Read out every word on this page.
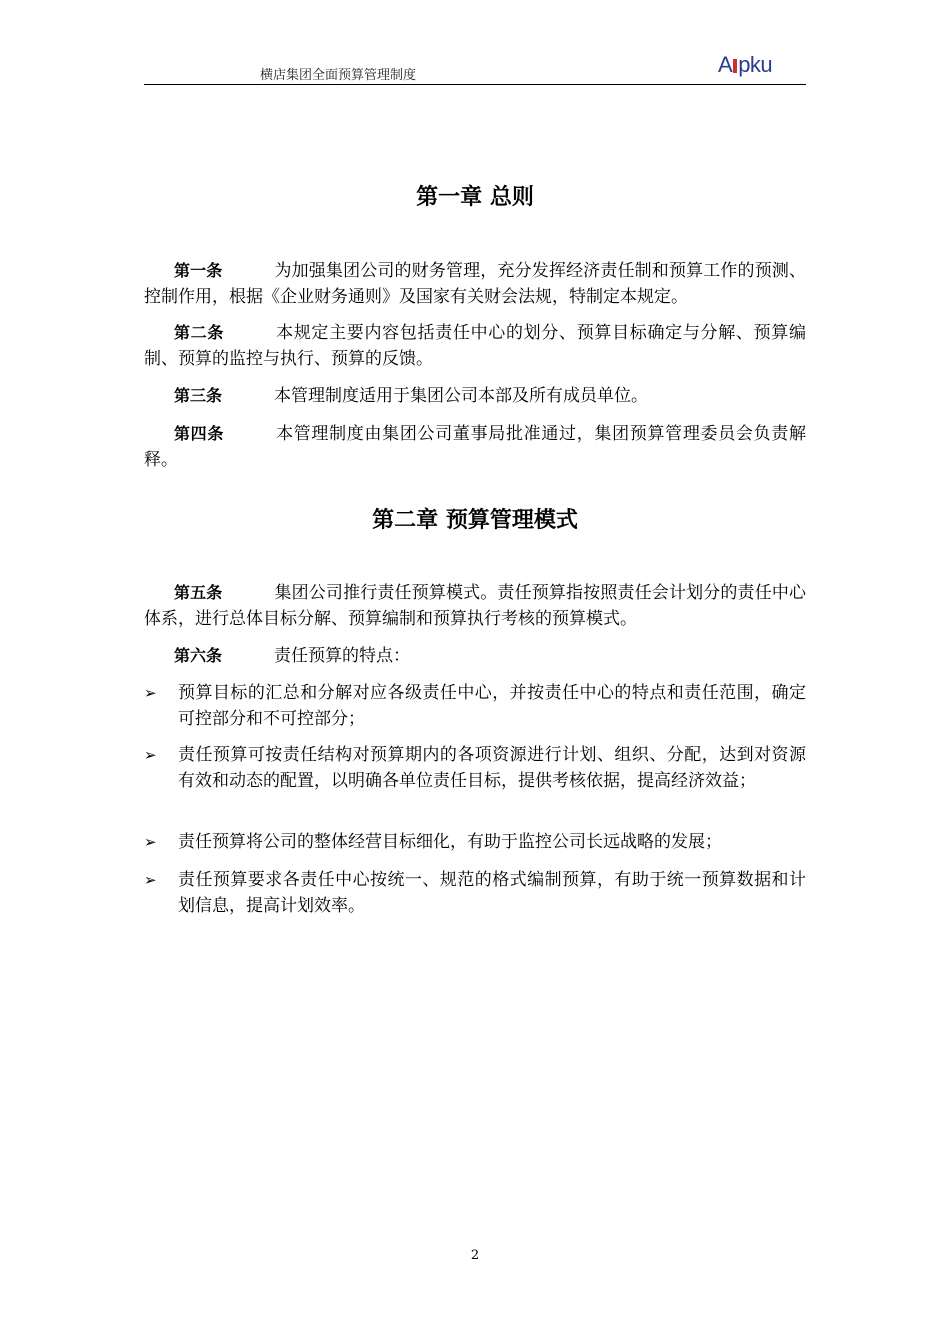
横店集团全面预算管理制度	A pku
第一章 总则
第一条	为加强集团公司的财务管理，充分发挥经济责任制和预算工作的预测、控制作用，根据《企业财务通则》及国家有关财会法规，特制定本规定。
第二条	本规定主要内容包括责任中心的划分、预算目标确定与分解、预算编制、预算的监控与执行、预算的反馈。
第三条	本管理制度适用于集团公司本部及所有成员单位。
第四条	本管理制度由集团公司董事局批准通过，集团预算管理委员会负责解释。
第二章 预算管理模式
第五条	集团公司推行责任预算模式。责任预算指按照责任会计划分的责任中心体系，进行总体目标分解、预算编制和预算执行考核的预算模式。
第六条	责任预算的特点：
➢ 预算目标的汇总和分解对应各级责任中心，并按责任中心的特点和责任范围，确定可控部分和不可控部分；
➢ 责任预算可按责任结构对预算期内的各项资源进行计划、组织、分配，达到对资源有效和动态的配置，以明确各单位责任目标，提供考核依据，提高经济效益；
➢ 责任预算将公司的整体经营目标细化，有助于监控公司长远战略的发展；
➢ 责任预算要求各责任中心按统一、规范的格式编制预算，有助于统一预算数据和计划信息，提高计划效率。
2
